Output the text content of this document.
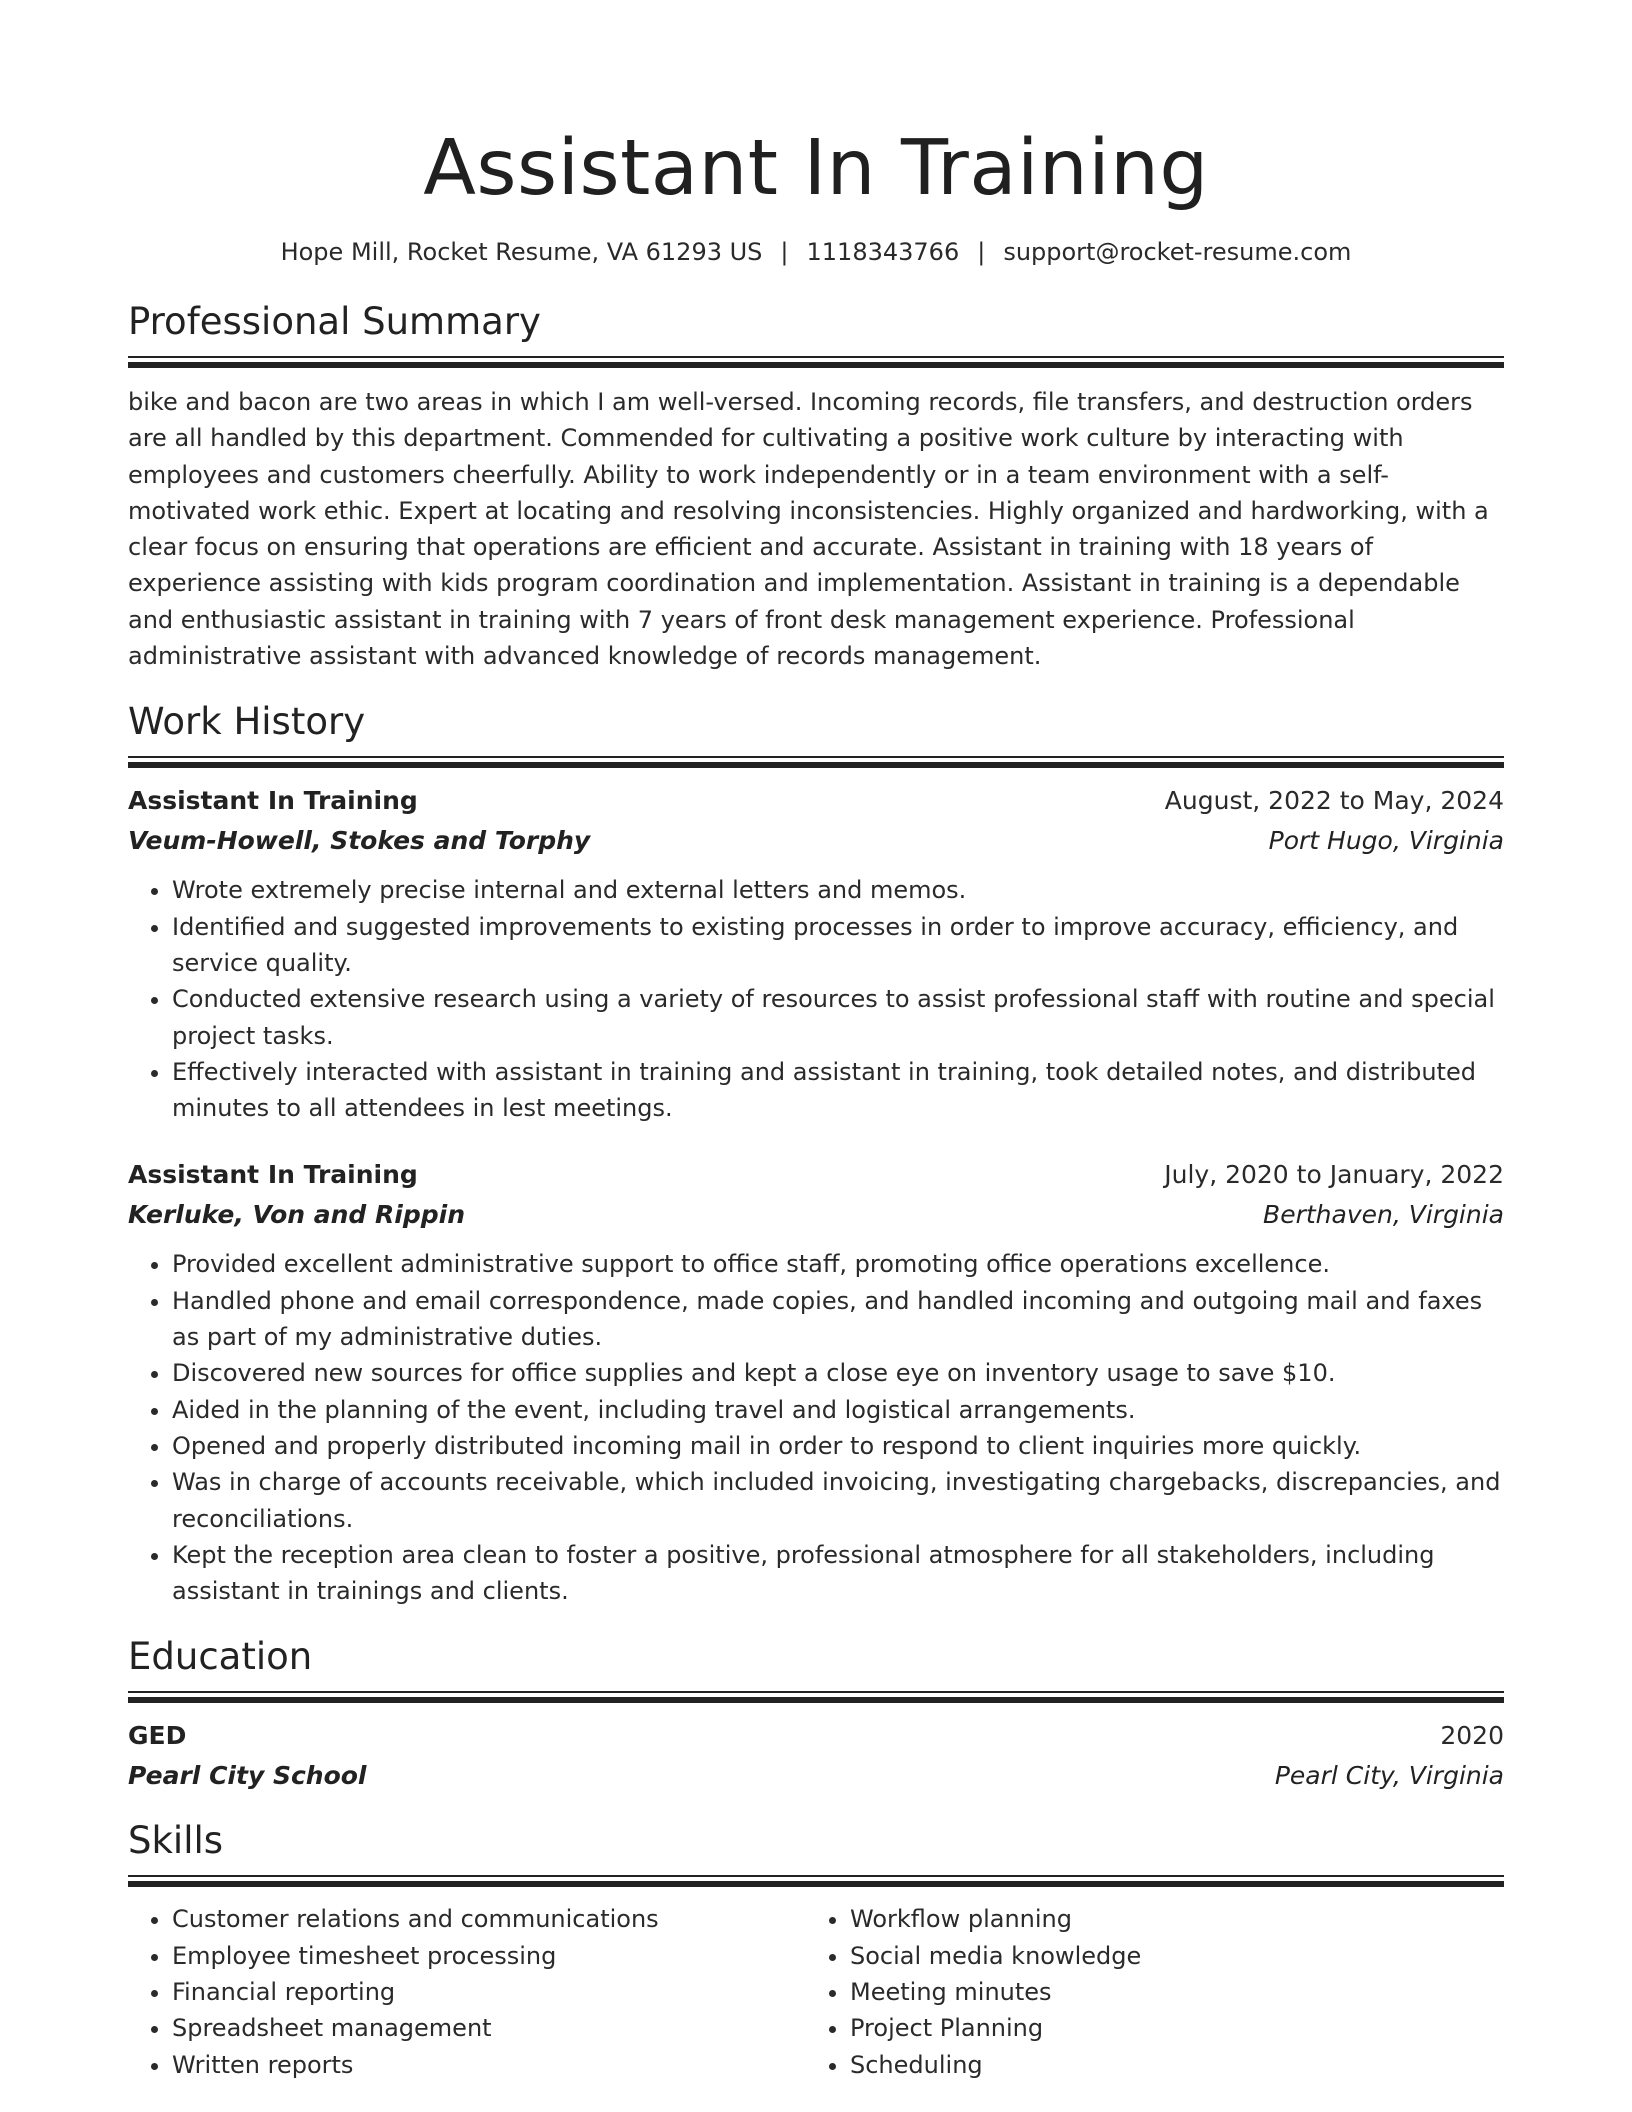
Assistant In Training
Hope Mill, Rocket Resume, VA 61293 US | 1118343766 | support@rocket-resume.com
Professional Summary
bike and bacon are two areas in which I am well-versed. Incoming records, file transfers, and destruction orders are all handled by this department. Commended for cultivating a positive work culture by interacting with employees and customers cheerfully. Ability to work independently or in a team environment with a self-motivated work ethic. Expert at locating and resolving inconsistencies. Highly organized and hardworking, with a clear focus on ensuring that operations are efficient and accurate. Assistant in training with 18 years of experience assisting with kids program coordination and implementation. Assistant in training is a dependable and enthusiastic assistant in training with 7 years of front desk management experience. Professional administrative assistant with advanced knowledge of records management.
Work History
Assistant In Training	August, 2022 to May, 2024
Veum-Howell, Stokes and Torphy	Port Hugo, Virginia
• Wrote extremely precise internal and external letters and memos.
• Identified and suggested improvements to existing processes in order to improve accuracy, efficiency, and service quality.
• Conducted extensive research using a variety of resources to assist professional staff with routine and special project tasks.
• Effectively interacted with assistant in training and assistant in training, took detailed notes, and distributed minutes to all attendees in lest meetings.
Assistant In Training	July, 2020 to January, 2022
Kerluke, Von and Rippin	Berthaven, Virginia
• Provided excellent administrative support to office staff, promoting office operations excellence.
• Handled phone and email correspondence, made copies, and handled incoming and outgoing mail and faxes as part of my administrative duties.
• Discovered new sources for office supplies and kept a close eye on inventory usage to save $10.
• Aided in the planning of the event, including travel and logistical arrangements.
• Opened and properly distributed incoming mail in order to respond to client inquiries more quickly.
• Was in charge of accounts receivable, which included invoicing, investigating chargebacks, discrepancies, and reconciliations.
• Kept the reception area clean to foster a positive, professional atmosphere for all stakeholders, including assistant in trainings and clients.
Education
GED	2020
Pearl City School	Pearl City, Virginia
Skills
• Customer relations and communications
• Employee timesheet processing
• Financial reporting
• Spreadsheet management
• Written reports
• Workflow planning
• Social media knowledge
• Meeting minutes
• Project Planning
• Scheduling
